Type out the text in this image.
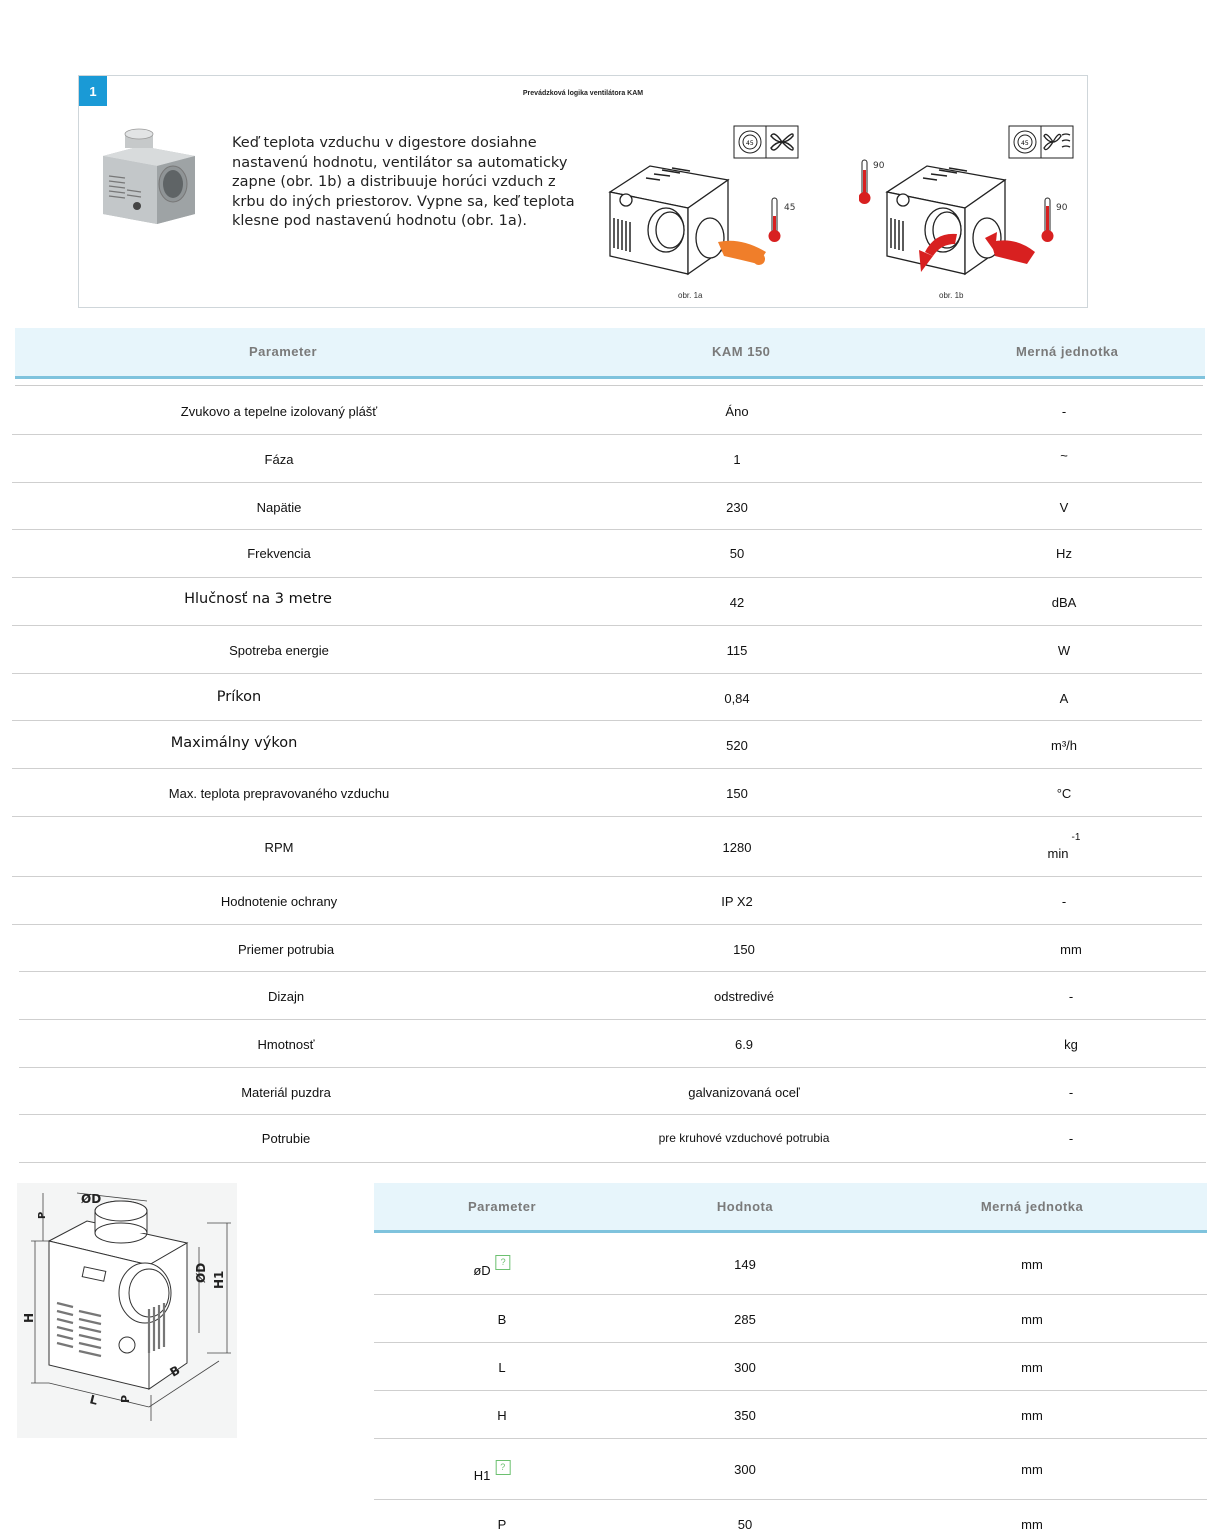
1	Prevádzková logika ventilátora KAM
Keď teplota vzduchu v digestore dosiahne nastavenú hodnotu, ventilátor sa automaticky zapne (obr. 1b) a distribuuje horúci vzduch z krbu do iných priestorov. Vypne sa, keď teplota klesne pod nastavenú hodnotu (obr. 1a).
45
45
obr. 1a
45
90
90
obr. 1b
Parameter	KAM 150	Merná jednotka
Zvukovo a tepelne izolovaný plášť	Áno	-
Fáza	1	~
Napätie	230	V
Frekvencia	50	Hz
Hlučnosť na 3 metre	42	dBA
Spotreba energie	115	W
Príkon	0,84	A
Maximálny výkon	520	m³/h
Max. teplota prepravovaného vzduchu	150	°C
RPM	1280	min
-1
Hodnotenie ochrany	IP X2	-
Priemer potrubia	150	mm
Dizajn	odstredivé	-
Hmotnosť	6.9	kg
Materiál puzdra	galvanizovaná oceľ	-
Potrubie	pre kruhové vzduchové potrubia	-
ØD
P
ØD H1
H
B
L P
Parameter	Hodnota	Merná jednotka
øD?	149	mm
B	285	mm
L	300	mm
H	350	mm
H1?	300	mm
P	50	mm
